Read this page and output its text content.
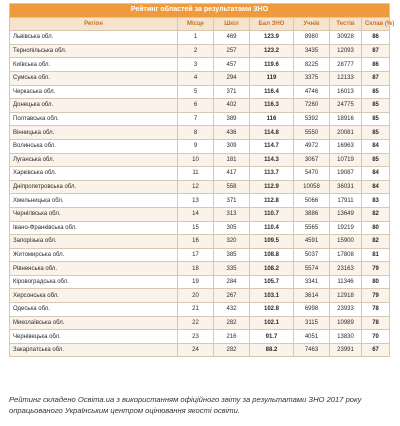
Рейтинг областей за результатами ЗНО						
Регіон	Місце	Шкіл	Бал ЗНО	Учнів	Тестів	Склав (%)
Львівська обл.	1	469	123.9	8980	30928	86
Тернопільська обл.	2	257	123.2	3435	12093	87
Київська обл.	3	457	119.6	8225	28777	86
Сумська обл.	4	294	119	3375	12133	87
Черкаська обл.	5	371	116.4	4746	16013	85
Донецька обл.	6	402	116.3	7260	24775	85
Полтавська обл.	7	389	116	5392	18916	85
Вінницька обл.	8	436	114.8	5550	20081	85
Волинська обл.	9	309	114.7	4972	16963	84
Луганська обл.	10	181	114.3	3067	10719	85
Харківська обл.	11	417	113.7	5470	19087	84
Дніпропетровська обл.	12	558	112.9	10058	36031	84
Хмельницька обл.	13	371	112.8	5066	17911	83
Чернігівська обл.	14	313	110.7	3886	13649	82
Івано-Франківська обл.	15	305	110.4	5565	19219	80
Запорізька обл.	16	320	109.5	4591	15900	82
Житомирська обл.	17	385	108.8	5037	17808	81
Рівненська обл.	18	335	108.2	5574	23163	79
Кіровоградська обл.	19	284	105.7	3341	11346	80
Херсонська обл.	20	267	103.1	3614	12918	79
Одеська обл.	21	432	102.8	6998	23933	78
Миколаївська обл.	22	282	102.1	3115	10989	78
Чернівецька обл.	23	216	91.7	4051	13830	70
Закарпатська обл.	24	282	88.2	7463	23991	67
Рейтинг складено Освіта.ua з використанням офіційного звіту за результатами ЗНО 2017 року опрацьованого Українським центром оцінювання якості освіти.
